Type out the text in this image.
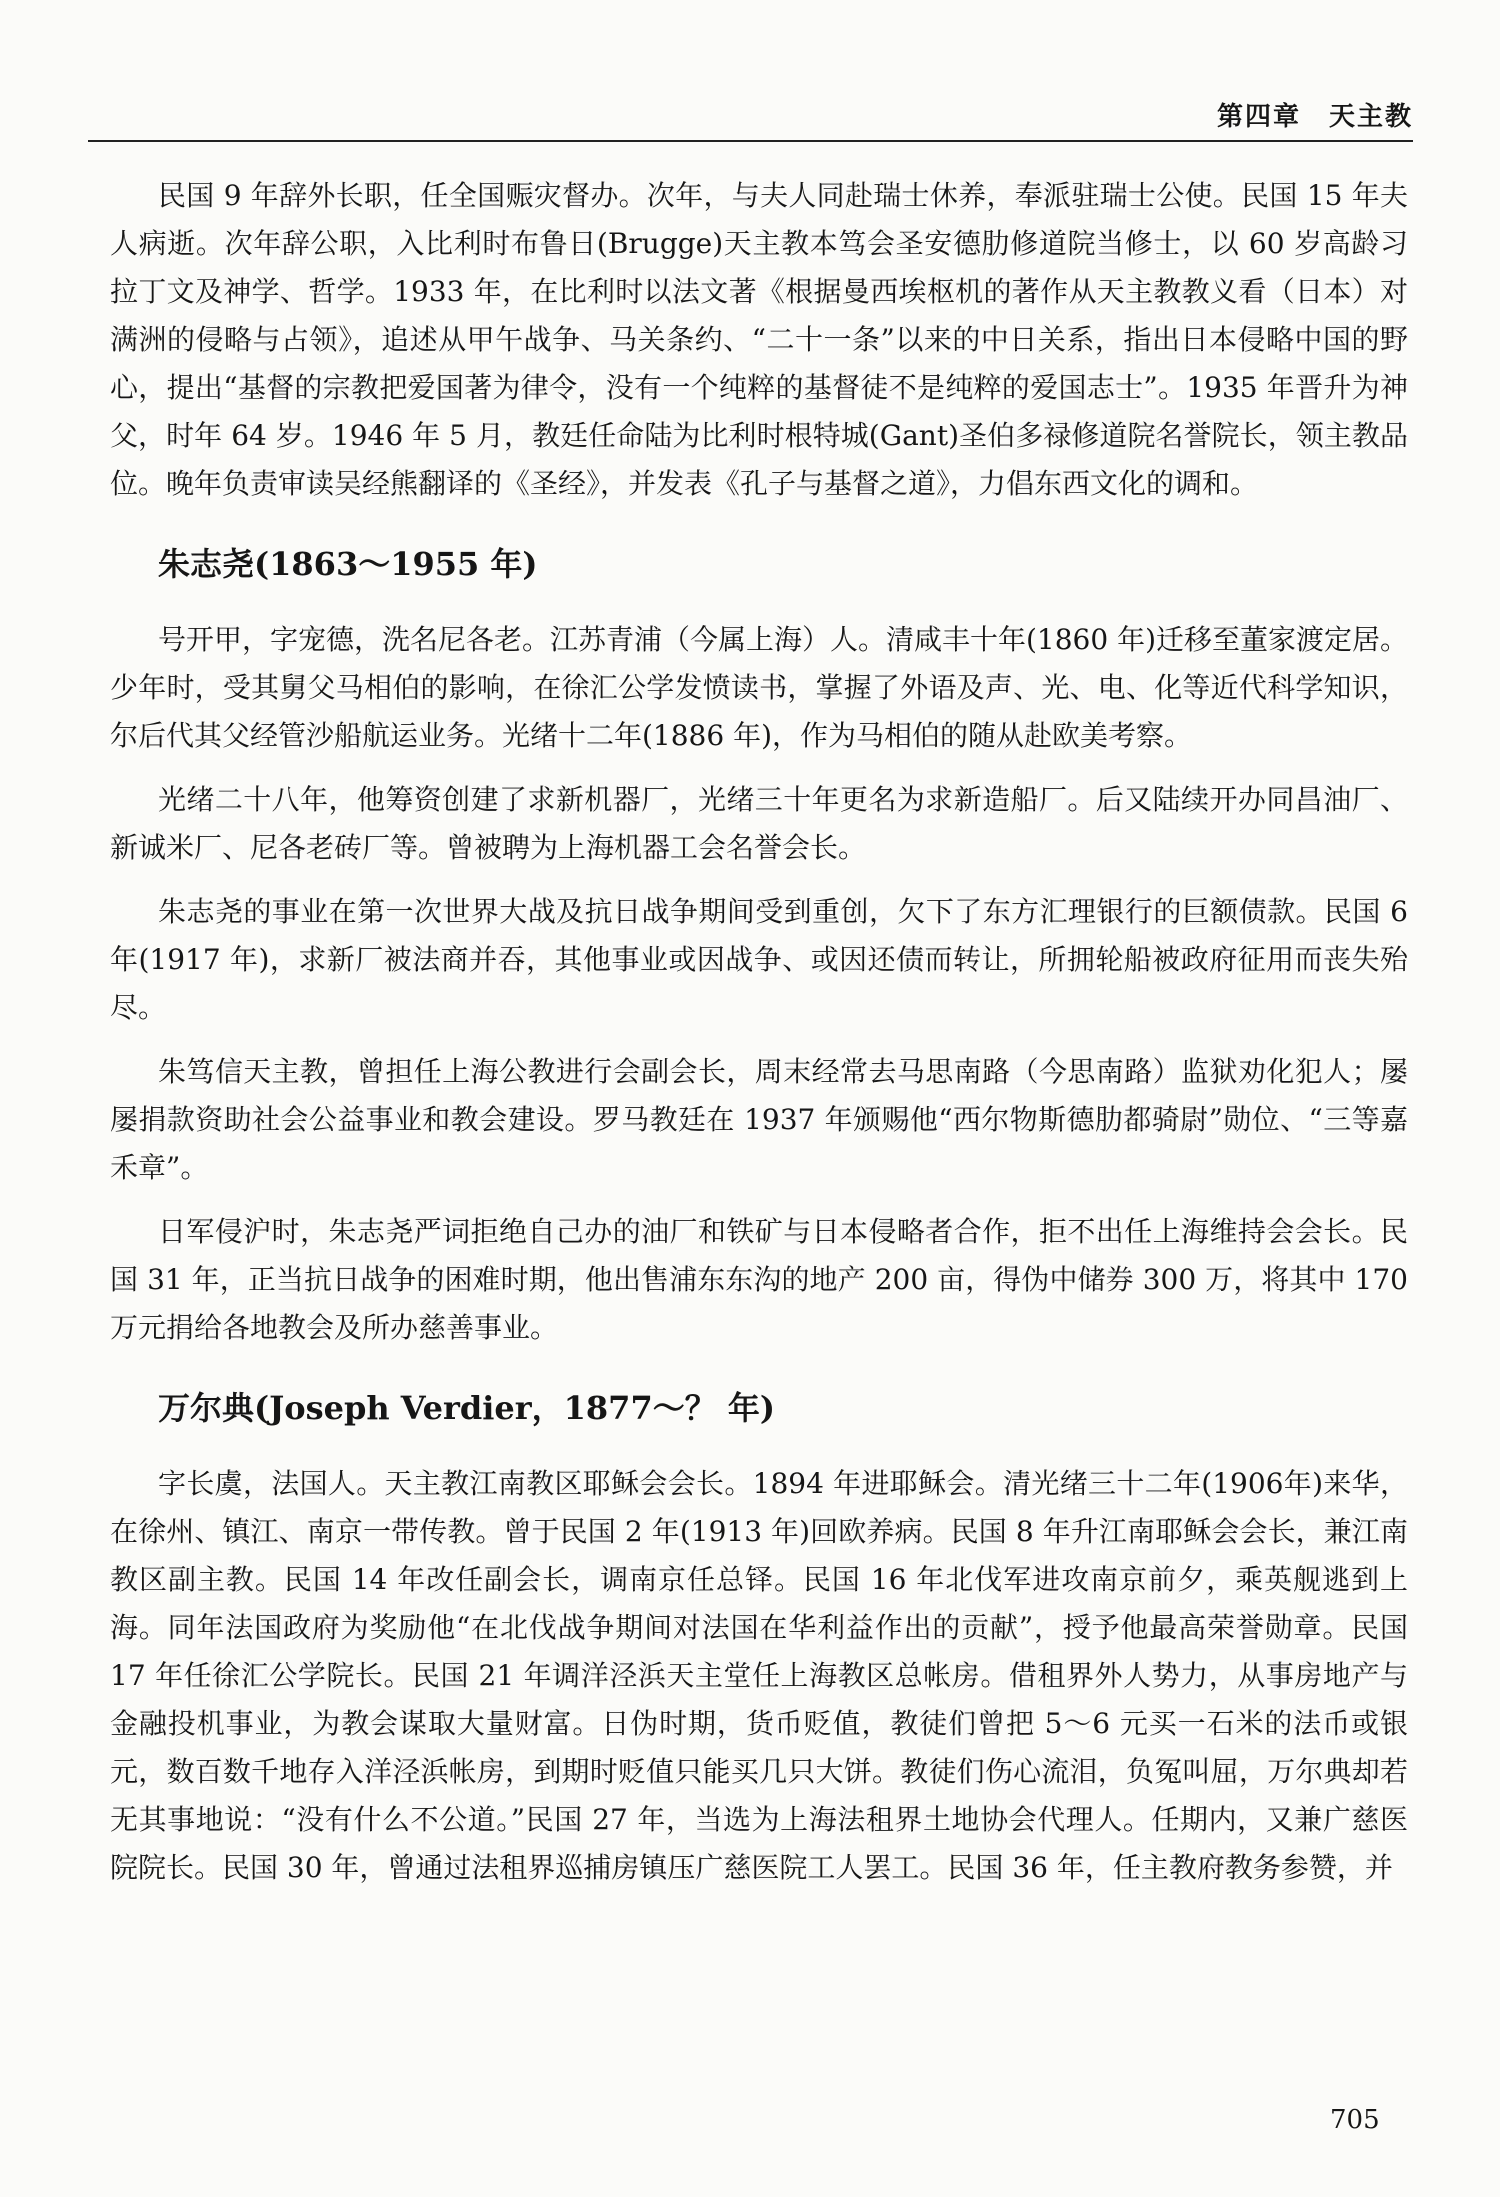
第四章　天主教

民国 9 年辞外长职，任全国赈灾督办。次年，与夫人同赴瑞士休养，奉派驻瑞士公使。民国 15 年夫人病逝。次年辞公职，入比利时布鲁日(Brugge)天主教本笃会圣安德肋修道院当修士，以 60 岁高龄习拉丁文及神学、哲学。1933 年，在比利时以法文著《根据曼西埃枢机的著作从天主教教义看（日本）对满洲的侵略与占领》，追述从甲午战争、马关条约、“二十一条”以来的中日关系，指出日本侵略中国的野心，提出“基督的宗教把爱国著为律令，没有一个纯粹的基督徒不是纯粹的爱国志士”。1935 年晋升为神父，时年 64 岁。1946 年 5 月，教廷任命陆为比利时根特城(Gant)圣伯多禄修道院名誉院长，领主教品位。晚年负责审读吴经熊翻译的《圣经》，并发表《孔子与基督之道》，力倡东西文化的调和。

朱志尧(1863～1955 年)

号开甲，字宠德，洗名尼各老。江苏青浦（今属上海）人。清咸丰十年(1860 年)迁移至董家渡定居。少年时，受其舅父马相伯的影响，在徐汇公学发愤读书，掌握了外语及声、光、电、化等近代科学知识，尔后代其父经管沙船航运业务。光绪十二年(1886 年)，作为马相伯的随从赴欧美考察。

光绪二十八年，他筹资创建了求新机器厂，光绪三十年更名为求新造船厂。后又陆续开办同昌油厂、新诚米厂、尼各老砖厂等。曾被聘为上海机器工会名誉会长。

朱志尧的事业在第一次世界大战及抗日战争期间受到重创，欠下了东方汇理银行的巨额债款。民国 6 年(1917 年)，求新厂被法商并吞，其他事业或因战争、或因还债而转让，所拥轮船被政府征用而丧失殆尽。

朱笃信天主教，曾担任上海公教进行会副会长，周末经常去马思南路（今思南路）监狱劝化犯人；屡屡捐款资助社会公益事业和教会建设。罗马教廷在 1937 年颁赐他“西尔物斯德肋都骑尉”勋位、“三等嘉禾章”。

日军侵沪时，朱志尧严词拒绝自己办的油厂和铁矿与日本侵略者合作，拒不出任上海维持会会长。民国 31 年，正当抗日战争的困难时期，他出售浦东东沟的地产 200 亩，得伪中储券 300 万，将其中 170 万元捐给各地教会及所办慈善事业。

万尔典(Joseph Verdier，1877～？ 年)

字长虞，法国人。天主教江南教区耶稣会会长。1894 年进耶稣会。清光绪三十二年(1906年)来华，在徐州、镇江、南京一带传教。曾于民国 2 年(1913 年)回欧养病。民国 8 年升江南耶稣会会长，兼江南教区副主教。民国 14 年改任副会长，调南京任总铎。民国 16 年北伐军进攻南京前夕，乘英舰逃到上海。同年法国政府为奖励他“在北伐战争期间对法国在华利益作出的贡献”，授予他最高荣誉勋章。民国 17 年任徐汇公学院长。民国 21 年调洋泾浜天主堂任上海教区总帐房。借租界外人势力，从事房地产与金融投机事业，为教会谋取大量财富。日伪时期，货币贬值，教徒们曾把 5～6 元买一石米的法币或银元，数百数千地存入洋泾浜帐房，到期时贬值只能买几只大饼。教徒们伤心流泪，负冤叫屈，万尔典却若无其事地说：“没有什么不公道。”民国 27 年，当选为上海法租界土地协会代理人。任期内，又兼广慈医院院长。民国 30 年，曾通过法租界巡捕房镇压广慈医院工人罢工。民国 36 年，任主教府教务参赞，并

705
